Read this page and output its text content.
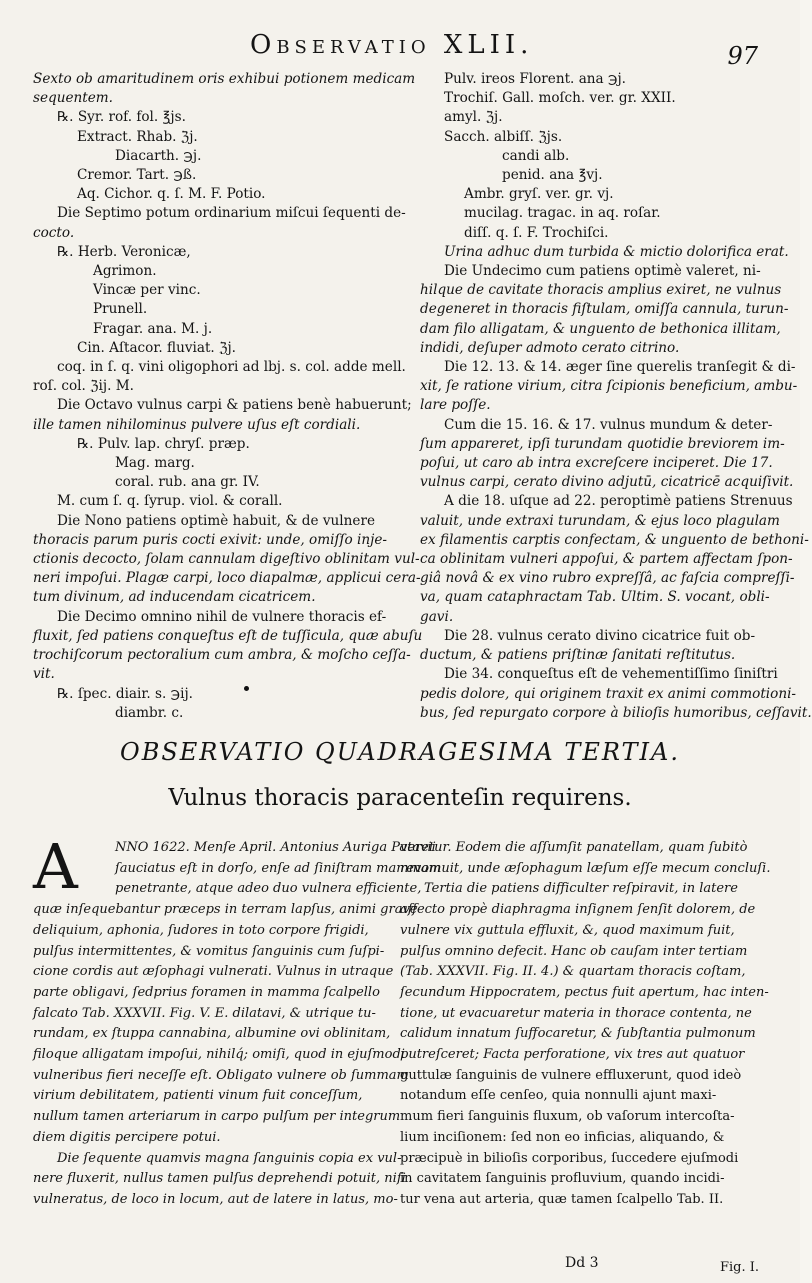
Observatio XLII.	97
Sexto ob amaritudinem oris exhibui potionem medicam
sequentem.
℞. Syr. rof. fol. ℥js.
Extract. Rhab. ℨj.
Diacarth. ℈j.
Cremor. Tart. ℈ß.
Aq. Cichor. q. ſ. M. F. Potio.
Die Septimo potum ordinarium miſcui ſequenti de-
cocto.
℞. Herb. Veronicæ,
Agrimon.
Vincæ per vinc.
Prunell.
Fragar. ana. M. j.
Cin. Aſtacor. fluviat. ℨj.
coq. in ſ. q. vini oligophori ad lbj. s. col. adde mell.
roſ. col. ℨij. M.
Die Octavo vulnus carpi & patiens benè habuerunt;
ille tamen nihilominus pulvere uſus eſt cordiali.
℞. Pulv. lap. chryſ. præp.
Mag. marg.
coral. rub. ana gr. IV.
M. cum ſ. q. ſyrup. viol. & corall.
Die Nono patiens optimè habuit, & de vulnere
thoracis parum puris cocti exivit: unde, omiſſo inje-
ctionis decocto, ſolam cannulam digeſtivo oblinitam vul-
neri impoſui. Plagæ carpi, loco diapalmæ, applicui cera-
tum divinum, ad inducendam cicatricem.
Die Decimo omnino nihil de vulnere thoracis ef-
fluxit, ſed patiens conqueſtus eſt de tuſſicula, quæ abuſu
trochiſcorum pectoralium cum ambra, & moſcho ceſſa-
vit.
℞. ſpec. diair. s. ℈ij.
diambr. c.
Pulv. ireos Florent. ana ℈j.
Trochiſ. Gall. moſch. ver. gr. XXII.
amyl. ℨj.
Sacch. albiſſ. ℨjs.
candi alb.
penid. ana ℥vj.
Ambr. gryſ. ver. gr. vj.
mucilag. tragac. in aq. roſar.
diſſ. q. ſ. F. Trochiſci.
Urina adhuc dum turbida & mictio dolorifica erat.
Die Undecimo cum patiens optimè valeret, ni-
hilque de cavitate thoracis amplius exiret, ne vulnus
degeneret in thoracis fiſtulam, omiſſa cannula, turun-
dam filo alligatam, & unguento de bethonica illitam,
indidi, deſuper admoto cerato citrino.
Die 12. 13. & 14. æger ſine querelis tranſegit & di-
xit, ſe ratione virium, citra ſcipionis beneficium, ambu-
lare poſſe.
Cum die 15. 16. & 17. vulnus mundum & deter-
ſum appareret, ipſi turundam quotidie breviorem im-
poſui, ut caro ab intra excreſcere inciperet. Die 17.
vulnus carpi, cerato divino adjutū, cicatricē acquiſivit.
A die 18. uſque ad 22. peroptimè patiens Strenuus
valuit, unde extraxi turundam, & ejus loco plagulam
ex filamentis carptis confectam, & unguento de bethoni-
ca oblinitam vulneri appoſui, & partem affectam ſpon-
giâ novâ & ex vino rubro expreſſâ, ac faſcia compreſſi-
va, quam cataphractam Tab. Ultim. S. vocant, obli-
gavi.
Die 28. vulnus cerato divino cicatrice fuit ob-
ductum, & patiens priſtinæ ſanitati reſtitutus.
Die 34. conqueſtus eſt de vehementiſſimo ſiniſtri
pedis dolore, qui originem traxit ex animi commotioni-
bus, ſed repurgato corpore à bilioſis humoribus, ceſſavit.
OBSERVATIO QUADRAGESIMA TERTIA.
Vulnus thoracis paracenteſin requirens.
A	NNO 1622. Menſe April. Antonius Auriga Patavii
ſauciatus eſt in dorſo, enſe ad ſiniſtram mammam
penetrante, atque adeo duo vulnera efficiente,
quæ inſequebantur præceps in terram lapſus, animi grave
deliquium, aphonia, ſudores in toto corpore frigidi,
pulſus intermittentes, & vomitus ſanguinis cum ſuſpi-
cione cordis aut æſophagi vulnerati. Vulnus in utraque
parte obligavi, ſedprius foramen in mamma ſcalpello
falcato Tab. XXXVII. Fig. V. E. dilatavi, & utrique tu-
rundam, ex ſtuppa cannabina, albumine ovi oblinitam,
filoque alligatam impoſui, nihilq́; omiſi, quod in ejuſmodi
vulneribus fieri neceſſe eſt. Obligato vulnere ob ſummam
virium debilitatem, patienti vinum fuit conceſſum,
nullum tamen arteriarum in carpo pulſum per integrum
diem digitis percipere potui.
Die ſequente quamvis magna ſanguinis copia ex vul-
nere fluxerit, nullus tamen pulſus deprehendi potuit, niſi
vulneratus, de loco in locum, aut de latere in latus, mo-
veretur. Eodem die aſſumſit panatellam, quam ſubitò
revomuit, unde æſophagum læſum eſſe mecum concluſi.
Tertia die patiens difficulter reſpiravit, in latere
affecto propè diaphragma inſignem ſenſit dolorem, de
vulnere vix guttula effluxit, &, quod maximum fuit,
pulſus omnino defecit. Hanc ob cauſam inter tertiam
(Tab. XXXVII. Fig. II. 4.) & quartam thoracis coſtam,
ſecundum Hippocratem, pectus fuit apertum, hac inten-
tione, ut evacuaretur materia in thorace contenta, ne
calidum innatum ſuffocaretur, & ſubſtantia pulmonum
putreſceret; Facta perforatione, vix tres aut quatuor
guttulæ ſanguinis de vulnere effluxerunt, quod ideò
notandum eſſe cenſeo, quia nonnulli ajunt maxi-
mum fieri ſanguinis fluxum, ob vaſorum intercoſta-
lium inciſionem: ſed non eo inficias, aliquando, &
præcipuè in bilioſis corporibus, ſuccedere ejuſmodi
in cavitatem ſanguinis profluvium, quando incidi-
tur vena aut arteria, quæ tamen ſcalpello Tab. II.
Dd 3	Fig. I.
